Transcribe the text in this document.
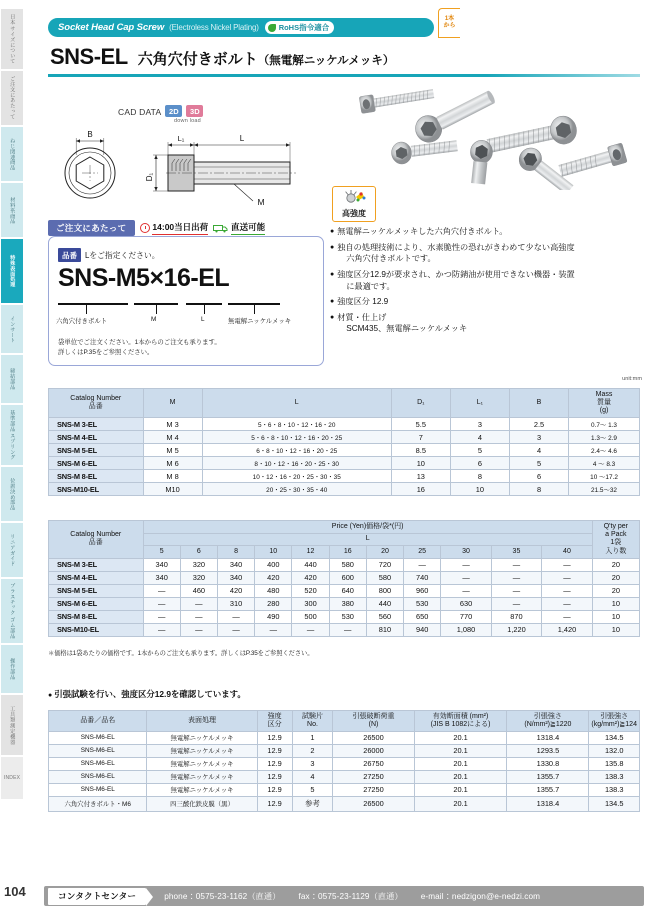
日本
サイズについて
ご注文にあたって
ねじ関連商品
材料系商品
特殊表面処理
インサート
締結部品
基準部品
スプリング
位置決め部品
リニアガイド
プラスチック
ゴム部品
操作部品
工具類
測定機器
INDEX
104
Socket Head Cap Screw (Electroless Nickel Plating)	RoHS指令適合
1本
から
SNS-EL 六角穴付きボルト（無電解ニッケルメッキ）
CAD DATA	2D	3D
down load
B
D₁
L₁	L
M
高強度
● 無電解ニッケルメッキした六角穴付きボルト。
● 独自の処理技術により、水素脆性の恐れがきわめて少ない高強度
六角穴付きボルトです。
● 強度区分12.9が要求され、かつ防錆油が使用できない機器・装置
に最適です。
● 強度区分 12.9
● 材質・仕上げ
SCM435、無電解ニッケルメッキ
ご注文にあたって	14:00当日出荷	直送可能
品番	Lをご指定ください。
SNS-M5×16-EL
六角穴付きボルト	M	L	無電解ニッケルメッキ
袋単位でご注文ください。1本からのご注文も承ります。
詳しくはP.35をご参照ください。
unit:mm
Catalog Number
品番

M	L	D₁	L₁	B

Mass
質量
(g)

SNS-M 3-EL	M 3	5・6・8・10・12・16・20	5.5	3	2.5	0.7～ 1.3
SNS-M 4-EL	M 4	5・6・8・10・12・16・20・25	7	4	3	1.3～ 2.9
SNS-M 5-EL	M 5	6・8・10・12・16・20・25	8.5	5	4	2.4～ 4.6
SNS-M 6-EL	M 6	8・10・12・16・20・25・30	10	6	5	4 ～ 8.3
SNS-M 8-EL	M 8	10・12・16・20・25・30・35	13	8	6	10 ～17.2
SNS-M10-EL	M10	20・25・30・35・40	16	10	8	21.5～32
Catalog Number
品番
	Price (Yen)価格/袋*(円)	Q'ty per
a Pack
1袋
入り数

	L											
	5	6	8	10	12	16	20	25	30	35	40	
SNS-M 3-EL	340	320	340	400	440	580	720	—	—	—	—	20
SNS-M 4-EL	340	320	340	420	420	600	580	740	—	—	—	20
SNS-M 5-EL	—	460	420	480	520	640	800	960	—	—	—	20
SNS-M 6-EL	—	—	310	280	300	380	440	530	630	—	—	10
SNS-M 8-EL	—	—	—	490	500	530	560	650	770	870	—	10
SNS-M10-EL	—	—	—	—	—	—	810	940	1,080	1,220	1,420	10
＊価格は1袋あたりの価格です。1本からのご注文も承ります。詳しくはP.35をご参照ください。
● 引張試験を行い、強度区分12.9を確認しています。
品番／品名	表面処理

強度
区分

試験片
No.

引張破断荷重
(N)

有効断面積 (mm²)
(JIS B 1082による)

引張強さ
(N/mm²)≧1220

引張強さ
(kg/mm²)≧124

SNS-M6-EL	無電解ニッケルメッキ	12.9	1	26500	20.1	1318.4	134.5
SNS-M6-EL	無電解ニッケルメッキ	12.9	2	26000	20.1	1293.5	132.0
SNS-M6-EL	無電解ニッケルメッキ	12.9	3	26750	20.1	1330.8	135.8
SNS-M6-EL	無電解ニッケルメッキ	12.9	4	27250	20.1	1355.7	138.3
SNS-M6-EL	無電解ニッケルメッキ	12.9	5	27250	20.1	1355.7	138.3
六角穴付きボルト・M6	四三酸化鉄皮膜（黒）	12.9	参考	26500	20.1	1318.4	134.5
コンタクトセンター	phone：0575-23-1162（直通） fax：0575-23-1129（直通） e-mail：nedzigon@e-nedzi.com
